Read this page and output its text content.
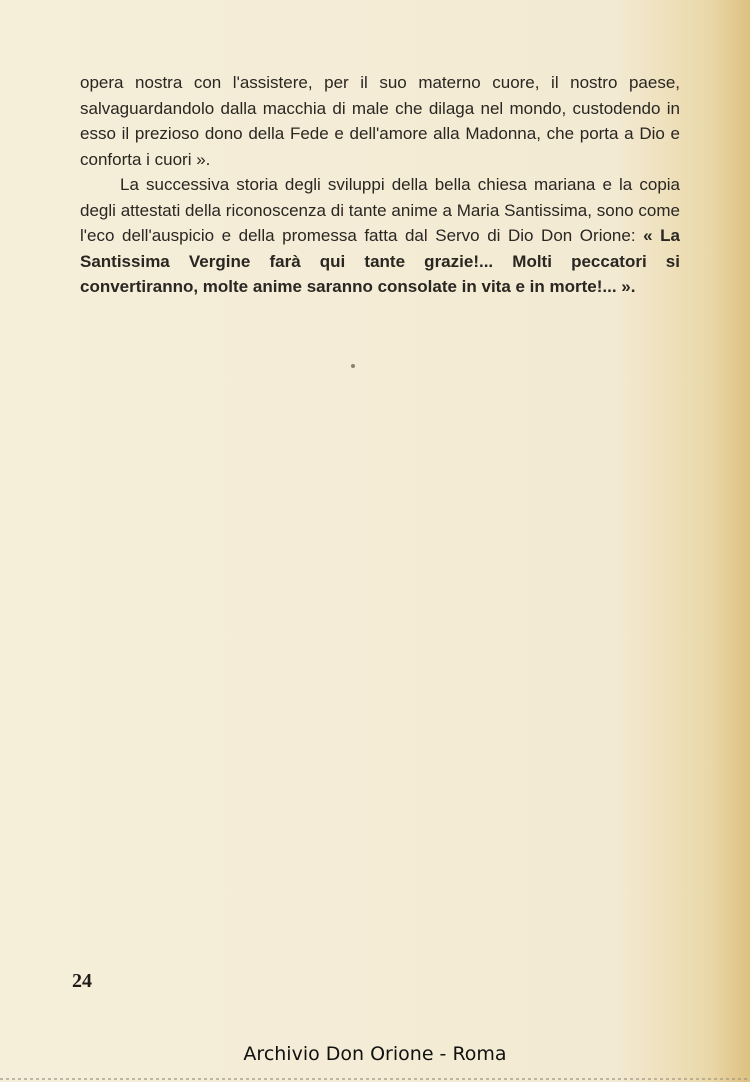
opera nostra con l'assistere, per il suo materno cuore, il nostro paese, salvaguardandolo dalla macchia di male che dilaga nel mondo, custodendo in esso il prezioso dono della Fede e dell'amore alla Madonna, che porta a Dio e conforta i cuori ».

La successiva storia degli sviluppi della bella chiesa mariana e la copia degli attestati della riconoscenza di tante anime a Maria Santissima, sono come l'eco dell'auspicio e della promessa fatta dal Servo di Dio Don Orione: « La Santissima Vergine farà qui tante grazie!... Molti peccatori si convertiranno, molte anime saranno consolate in vita e in morte!... ».

24
Archivio Don Orione - Roma
